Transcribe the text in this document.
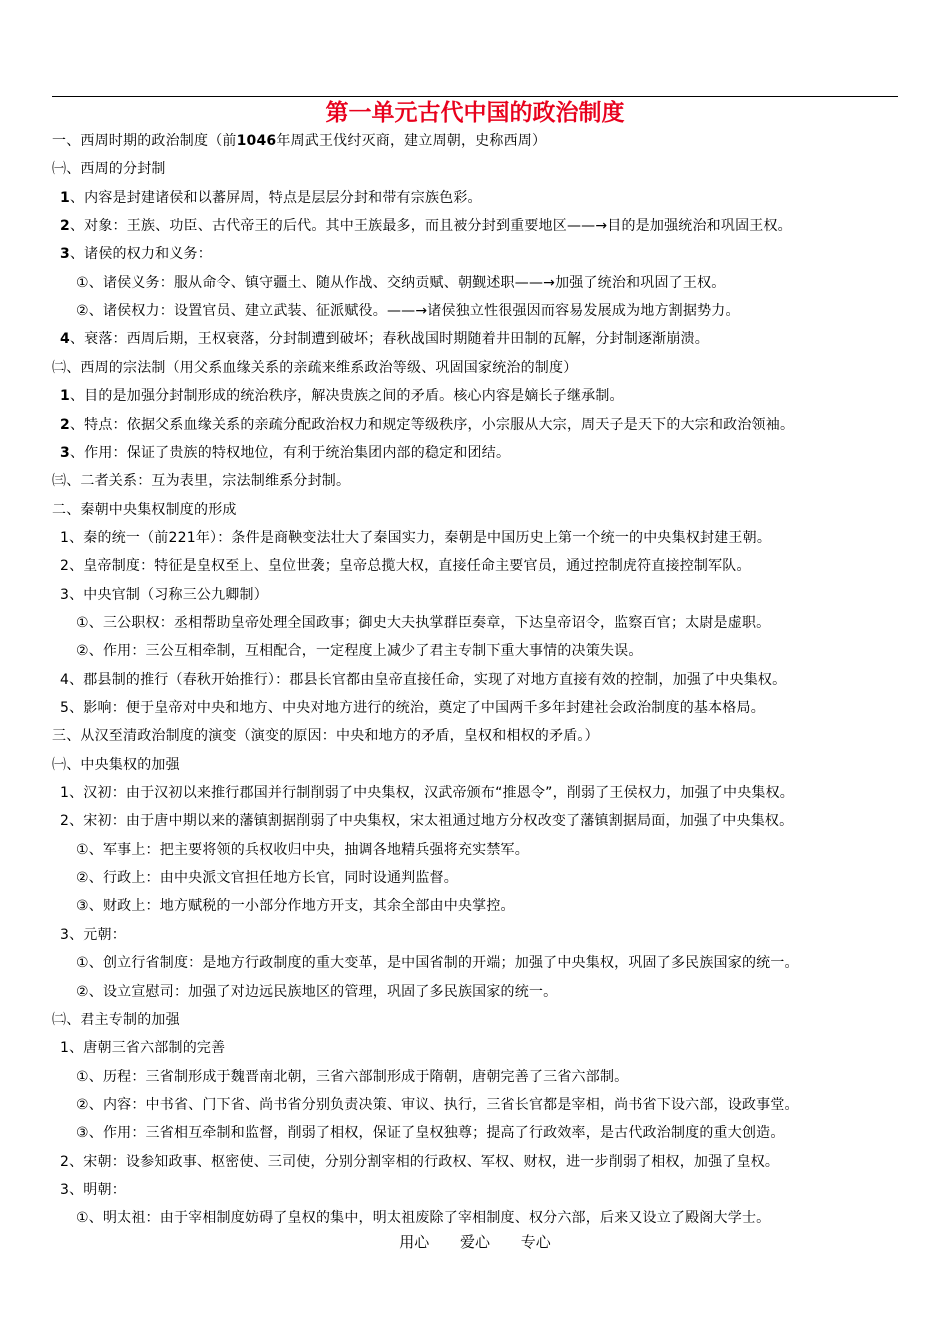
第一单元古代中国的政治制度
一、西周时期的政治制度（前1046年周武王伐纣灭商，建立周朝，史称西周）
㈠、西周的分封制
1、内容是封建诸侯和以蕃屏周，特点是层层分封和带有宗族色彩。
2、对象：王族、功臣、古代帝王的后代。其中王族最多，而且被分封到重要地区——→目的是加强统治和巩固王权。
3、诸侯的权力和义务：
①、诸侯义务：服从命令、镇守疆土、随从作战、交纳贡赋、朝觐述职——→加强了统治和巩固了王权。
②、诸侯权力：设置官员、建立武装、征派赋役。——→诸侯独立性很强因而容易发展成为地方割据势力。
4、衰落：西周后期，王权衰落，分封制遭到破坏；春秋战国时期随着井田制的瓦解，分封制逐渐崩溃。
㈡、西周的宗法制（用父系血缘关系的亲疏来维系政治等级、巩固国家统治的制度）
1、目的是加强分封制形成的统治秩序，解决贵族之间的矛盾。核心内容是嫡长子继承制。
2、特点：依据父系血缘关系的亲疏分配政治权力和规定等级秩序，小宗服从大宗，周天子是天下的大宗和政治领袖。
3、作用：保证了贵族的特权地位，有利于统治集团内部的稳定和团结。
㈢、二者关系：互为表里，宗法制维系分封制。
二、秦朝中央集权制度的形成
1、秦的统一（前221年）：条件是商鞅变法壮大了秦国实力，秦朝是中国历史上第一个统一的中央集权封建王朝。
2、皇帝制度：特征是皇权至上、皇位世袭；皇帝总揽大权，直接任命主要官员，通过控制虎符直接控制军队。
3、中央官制（习称三公九卿制）
①、三公职权：丞相帮助皇帝处理全国政事；御史大夫执掌群臣奏章，下达皇帝诏令，监察百官；太尉是虚职。
②、作用：三公互相牵制，互相配合，一定程度上减少了君主专制下重大事情的决策失误。
4、郡县制的推行（春秋开始推行）：郡县长官都由皇帝直接任命，实现了对地方直接有效的控制，加强了中央集权。
5、影响：便于皇帝对中央和地方、中央对地方进行的统治，奠定了中国两千多年封建社会政治制度的基本格局。
三、从汉至清政治制度的演变（演变的原因：中央和地方的矛盾，皇权和相权的矛盾。）
㈠、中央集权的加强
1、汉初：由于汉初以来推行郡国并行制削弱了中央集权，汉武帝颁布“推恩令”，削弱了王侯权力，加强了中央集权。
2、宋初：由于唐中期以来的藩镇割据削弱了中央集权，宋太祖通过地方分权改变了藩镇割据局面，加强了中央集权。
①、军事上：把主要将领的兵权收归中央，抽调各地精兵强将充实禁军。
②、行政上：由中央派文官担任地方长官，同时设通判监督。
③、财政上：地方赋税的一小部分作地方开支，其余全部由中央掌控。
3、元朝：
①、创立行省制度：是地方行政制度的重大变革，是中国省制的开端；加强了中央集权，巩固了多民族国家的统一。
②、设立宣慰司：加强了对边远民族地区的管理，巩固了多民族国家的统一。
㈡、君主专制的加强
1、唐朝三省六部制的完善
①、历程：三省制形成于魏晋南北朝，三省六部制形成于隋朝，唐朝完善了三省六部制。
②、内容：中书省、门下省、尚书省分别负责决策、审议、执行，三省长官都是宰相，尚书省下设六部，设政事堂。
③、作用：三省相互牵制和监督，削弱了相权，保证了皇权独尊；提高了行政效率，是古代政治制度的重大创造。
2、宋朝：设参知政事、枢密使、三司使，分别分割宰相的行政权、军权、财权，进一步削弱了相权，加强了皇权。
3、明朝：
①、明太祖：由于宰相制度妨碍了皇权的集中，明太祖废除了宰相制度、权分六部，后来又设立了殿阁大学士。
用心 爱心 专心
